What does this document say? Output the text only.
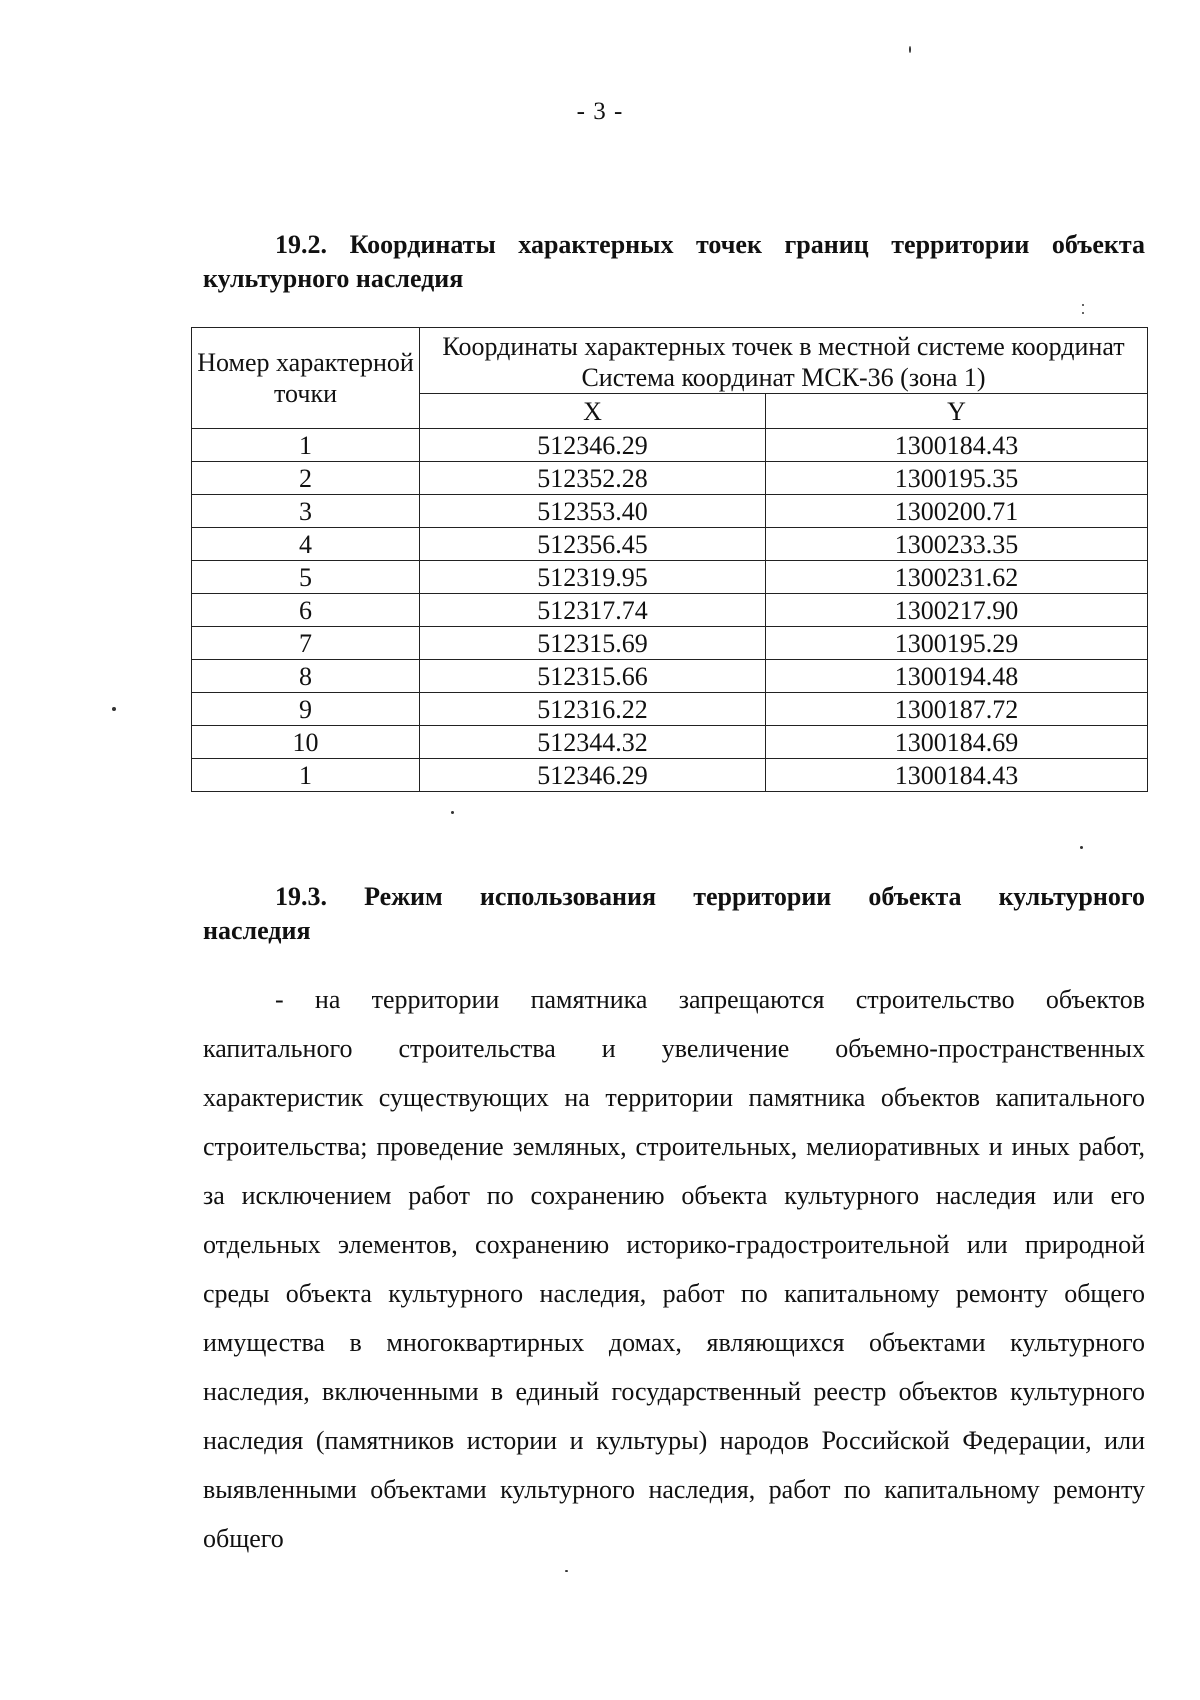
- 3 -
19.2. Координаты характерных точек границ территории объекта культурного наследия
Номер характерной точки	Координаты характерных точек в местной системе координат
Система координат МСК-36 (зона 1)	

	X	Y
1	512346.29	1300184.43
2	512352.28	1300195.35
3	512353.40	1300200.71
4	512356.45	1300233.35
5	512319.95	1300231.62
6	512317.74	1300217.90
7	512315.69	1300195.29
8	512315.66	1300194.48
9	512316.22	1300187.72
10	512344.32	1300184.69
1	512346.29	1300184.43
19.3. Режим использования территории объекта культурного
наследия
- на территории памятника запрещаются строительство объектов капитального строительства и увеличение объемно-пространственных характеристик существующих на территории памятника объектов капитального строительства; проведение земляных, строительных, мелиоративных и иных работ, за исключением работ по сохранению объекта культурного наследия или его отдельных элементов, сохранению историко-градостроительной или природной среды объекта культурного наследия, работ по капитальному ремонту общего имущества в многоквартирных домах, являющихся объектами культурного наследия, включенными в единый государственный реестр объектов культурного наследия (памятников истории и культуры) народов Российской Федерации, или выявленными объектами культурного наследия, работ по капитальному ремонту общего
